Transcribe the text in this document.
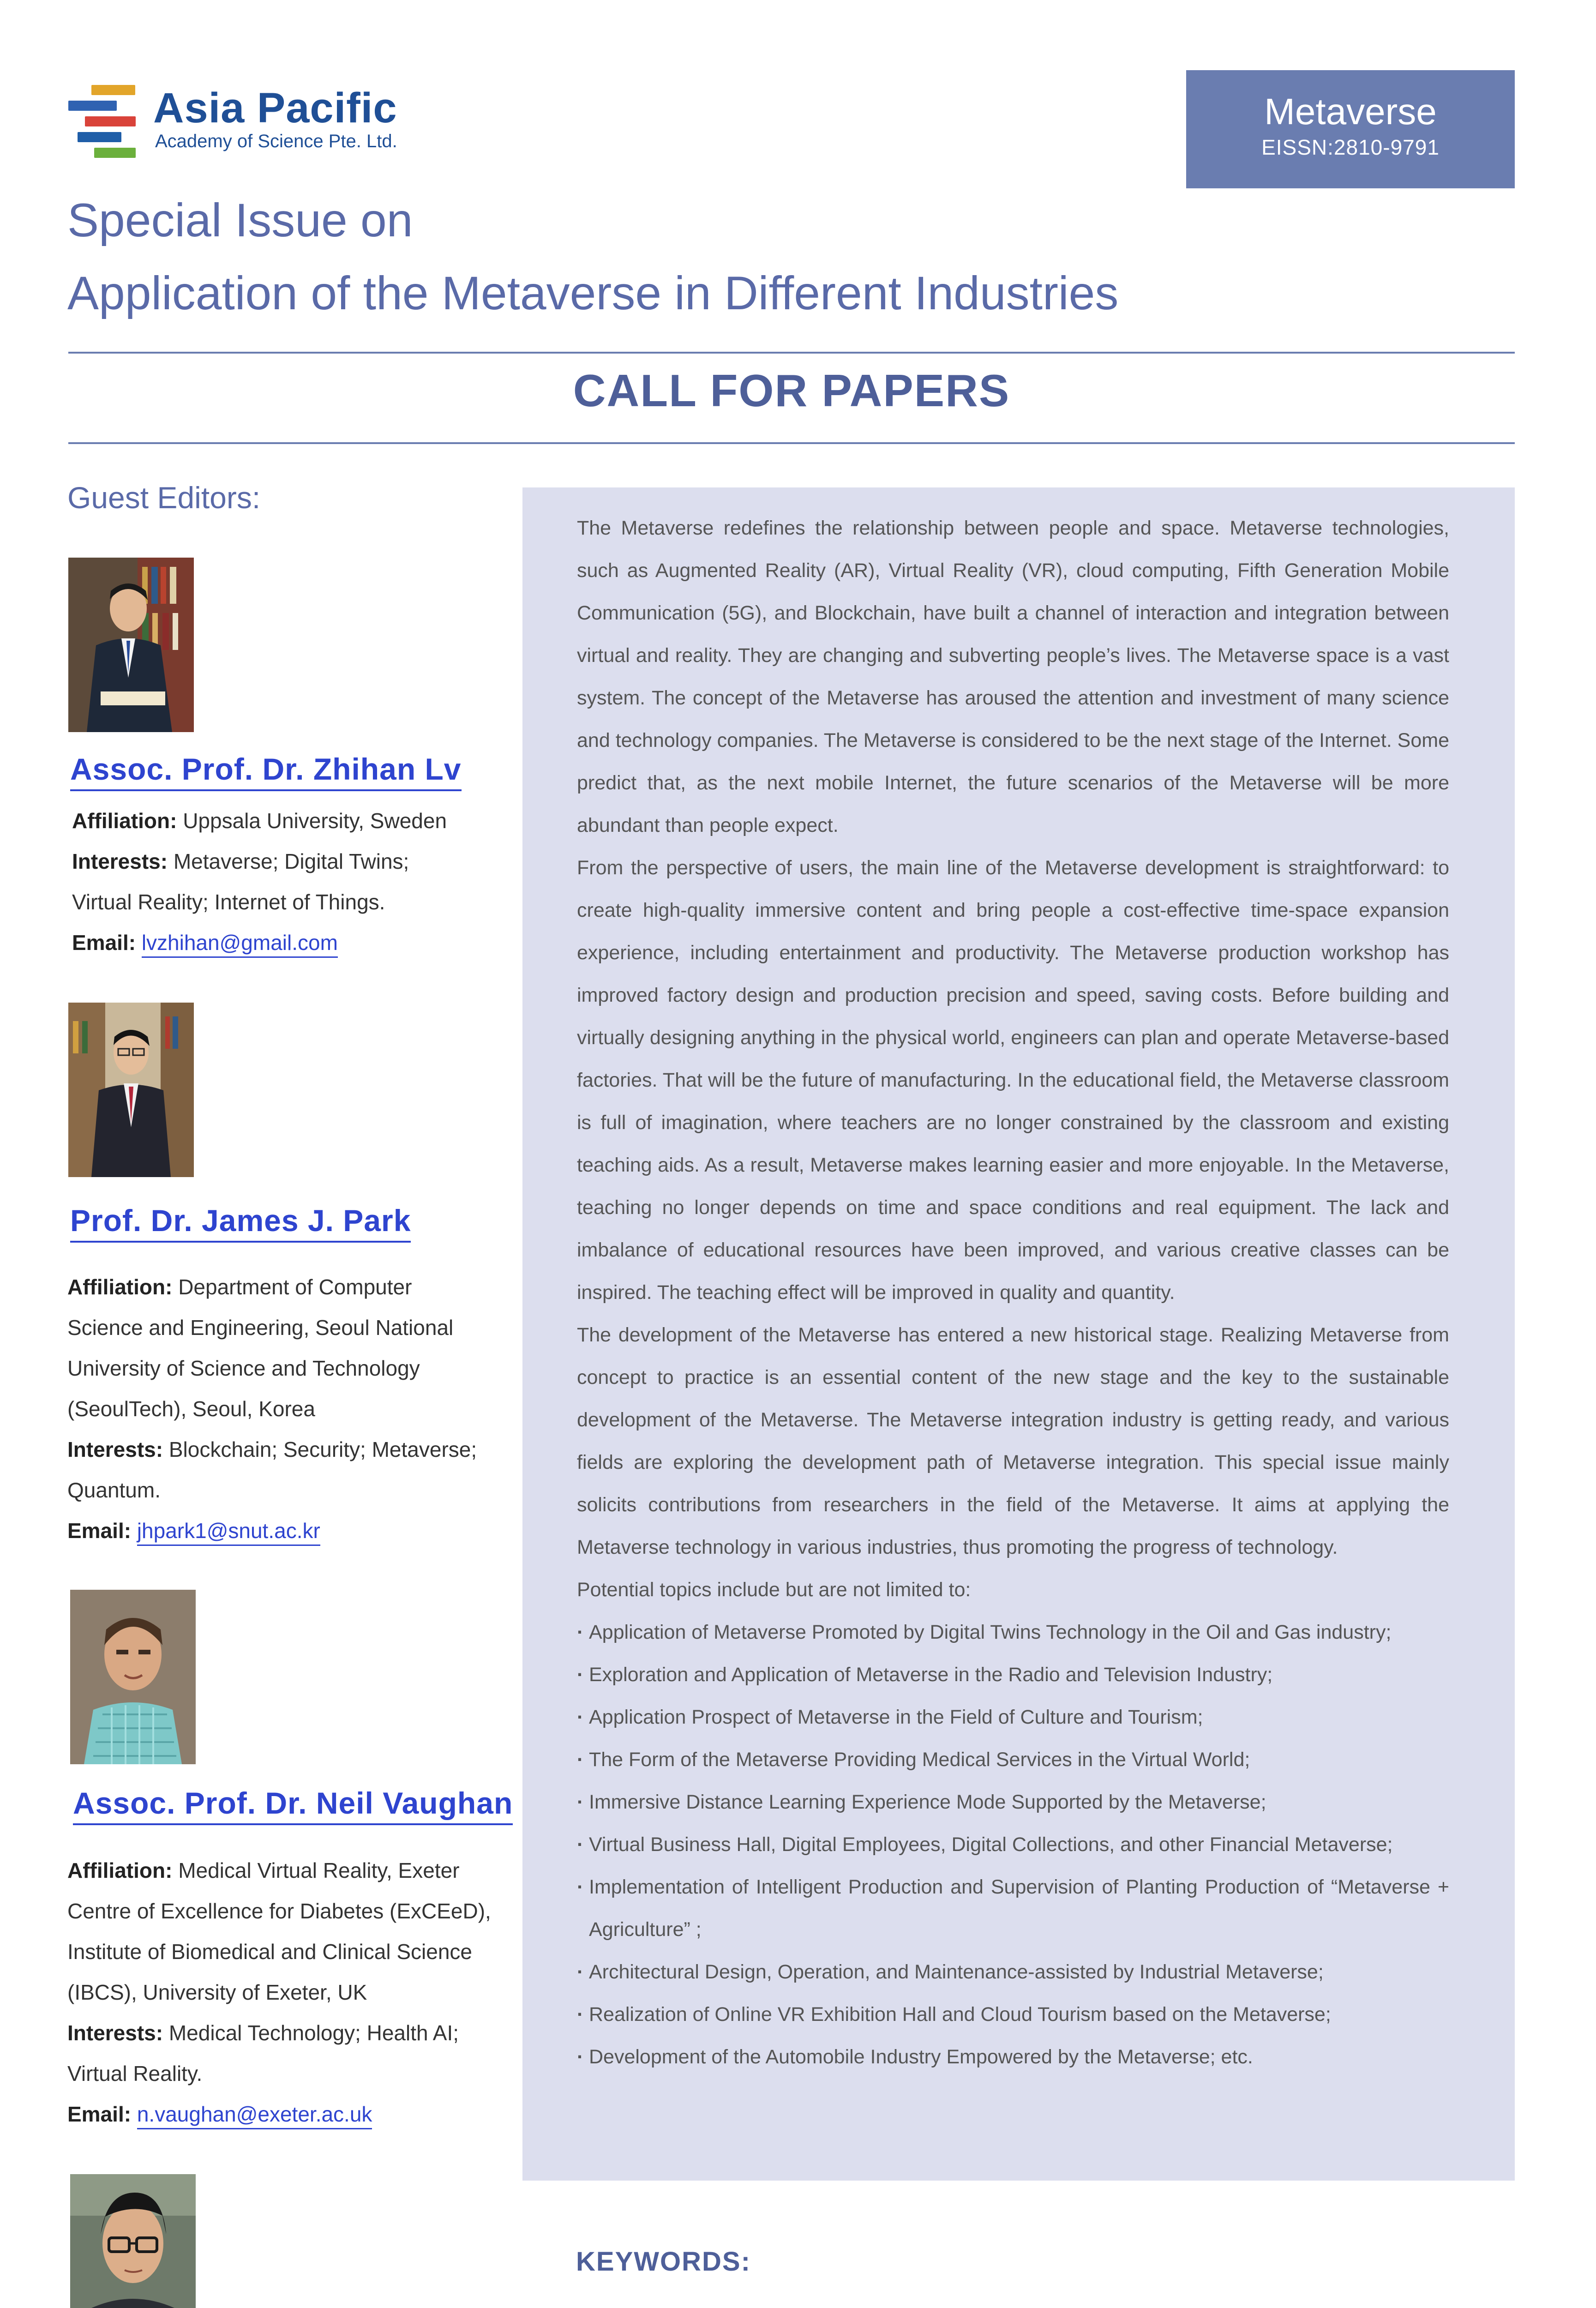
Asia Pacific
Academy of Science Pte. Ltd.
Metaverse
EISSN:2810-9791
Special Issue on
Application of the Metaverse in Different Industries
CALL FOR PAPERS
Guest Editors:
Assoc. Prof. Dr. Zhihan Lv
Affiliation: Uppsala University, Sweden
Interests: Metaverse; Digital Twins; Virtual Reality; Internet of Things.
Email: lvzhihan@gmail.com
Prof. Dr. James J. Park
Affiliation: Department of Computer Science and Engineering, Seoul National University of Science and Technology (SeoulTech), Seoul, Korea
Interests: Blockchain; Security; Metaverse; Quantum.
Email: jhpark1@snut.ac.kr
Assoc. Prof. Dr. Neil Vaughan
Affiliation: Medical Virtual Reality, Exeter Centre of Excellence for Diabetes (ExCEeD), Institute of Biomedical and Clinical Science (IBCS), University of Exeter, UK
Interests: Medical Technology; Health AI; Virtual Reality.
Email: n.vaughan@exeter.ac.uk

The Metaverse redefines the relationship between people and space. Metaverse technologies, such as Augmented Reality (AR), Virtual Reality (VR), cloud computing, Fifth Generation Mobile Communication (5G), and Blockchain, have built a channel of interaction and integration between virtual and reality. They are changing and subverting people’s lives. The Metaverse space is a vast system. The concept of the Metaverse has aroused the attention and investment of many science and technology companies. The Metaverse is considered to be the next stage of the Internet. Some predict that, as the next mobile Internet, the future scenarios of the Metaverse will be more abundant than people expect.

From the perspective of users, the main line of the Metaverse development is straightforward: to create high-quality immersive content and bring people a cost-effective time-space expansion experience, including entertainment and productivity. The Metaverse production workshop has improved factory design and production precision and speed, saving costs. Before building and virtually designing anything in the physical world, engineers can plan and operate Metaverse-based factories. That will be the future of manufacturing. In the educational field, the Metaverse classroom is full of imagination, where teachers are no longer constrained by the classroom and existing teaching aids. As a result, Metaverse makes learning easier and more enjoyable. In the Metaverse, teaching no longer depends on time and space conditions and real equipment. The lack and imbalance of educational resources have been improved, and various creative classes can be inspired. The teaching effect will be improved in quality and quantity.

The development of the Metaverse has entered a new historical stage. Realizing Metaverse from concept to practice is an essential content of the new stage and the key to the sustainable development of the Metaverse. The Metaverse integration industry is getting ready, and various fields are exploring the development path of Metaverse integration. This special issue mainly solicits contributions from researchers in the field of the Metaverse. It aims at applying the Metaverse technology in various industries, thus promoting the progress of technology.

Potential topics include but are not limited to:

· Application of Metaverse Promoted by Digital Twins Technology in the Oil and Gas industry;
· Exploration and Application of Metaverse in the Radio and Television Industry;
· Application Prospect of Metaverse in the Field of Culture and Tourism;
· The Form of the Metaverse Providing Medical Services in the Virtual World;
· Immersive Distance Learning Experience Mode Supported by the Metaverse;
· Virtual Business Hall, Digital Employees, Digital Collections, and other Financial Metaverse;
· Implementation of Intelligent Production and Supervision of Planting Production of “Metaverse + Agriculture” ;
· Architectural Design, Operation, and Maintenance-assisted by Industrial Metaverse;
· Realization of Online VR Exhibition Hall and Cloud Tourism based on the Metaverse;
· Development of the Automobile Industry Empowered by the Metaverse; etc.
KEYWORDS:
